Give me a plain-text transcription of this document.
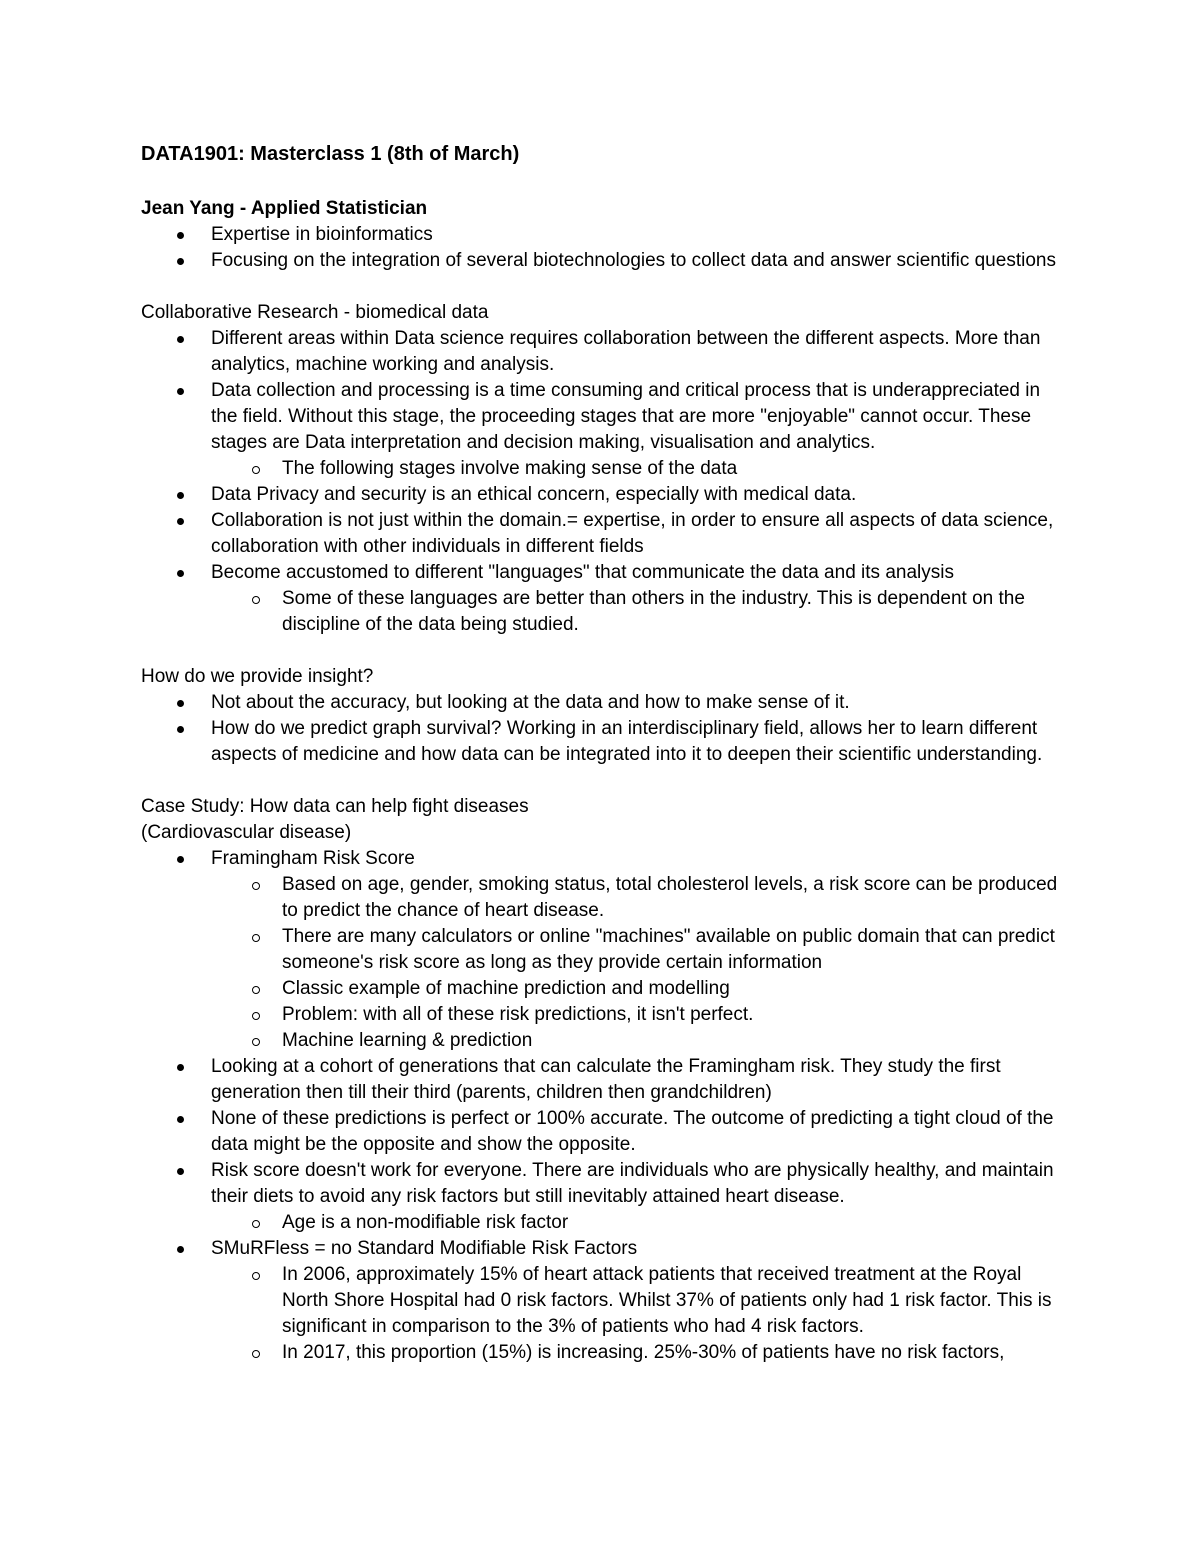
DATA1901: Masterclass 1 (8th of March)
Jean Yang - Applied Statistician
Expertise in bioinformatics
Focusing on the integration of several biotechnologies to collect data and answer scientific questions
Collaborative Research - biomedical data
Different areas within Data science requires collaboration between the different aspects. More than analytics, machine working and analysis.
Data collection and processing is a time consuming and critical process that is underappreciated in the field. Without this stage, the proceeding stages that are more "enjoyable" cannot occur. These stages are Data interpretation and decision making, visualisation and analytics.
The following stages involve making sense of the data
Data Privacy and security is an ethical concern, especially with medical data.
Collaboration is not just within the domain.= expertise, in order to ensure all aspects of data science, collaboration with other individuals in different fields
Become accustomed to different "languages" that communicate the data and its analysis
Some of these languages are better than others in the industry. This is dependent on the discipline of the data being studied.
How do we provide insight?
Not about the accuracy, but looking at the data and how to make sense of it.
How do we predict graph survival? Working in an interdisciplinary field, allows her to learn different aspects of medicine and how data can be integrated into it to deepen their scientific understanding.
Case Study: How data can help fight diseases
(Cardiovascular disease)
Framingham Risk Score
Based on age, gender, smoking status, total cholesterol levels, a risk score can be produced to predict the chance of heart disease.
There are many calculators or online "machines" available on public domain that can predict someone's risk score as long as they provide certain information
Classic example of machine prediction and modelling
Problem: with all of these risk predictions, it isn't perfect.
Machine learning & prediction
Looking at a cohort of generations that can calculate the Framingham risk. They study the first generation then till their third (parents, children then grandchildren)
None of these predictions is perfect or 100% accurate. The outcome of predicting a tight cloud of the data might be the opposite and show the opposite.
Risk score doesn't work for everyone. There are individuals who are physically healthy, and maintain their diets to avoid any risk factors but still inevitably attained heart disease.
Age is a non-modifiable risk factor
SMuRFless = no Standard Modifiable Risk Factors
In 2006, approximately 15% of heart attack patients that received treatment at the Royal North Shore Hospital had 0 risk factors. Whilst 37% of patients only had 1 risk factor. This is significant in comparison to the 3% of patients who had 4 risk factors.
In 2017, this proportion (15%) is increasing. 25%-30% of patients have no risk factors,
